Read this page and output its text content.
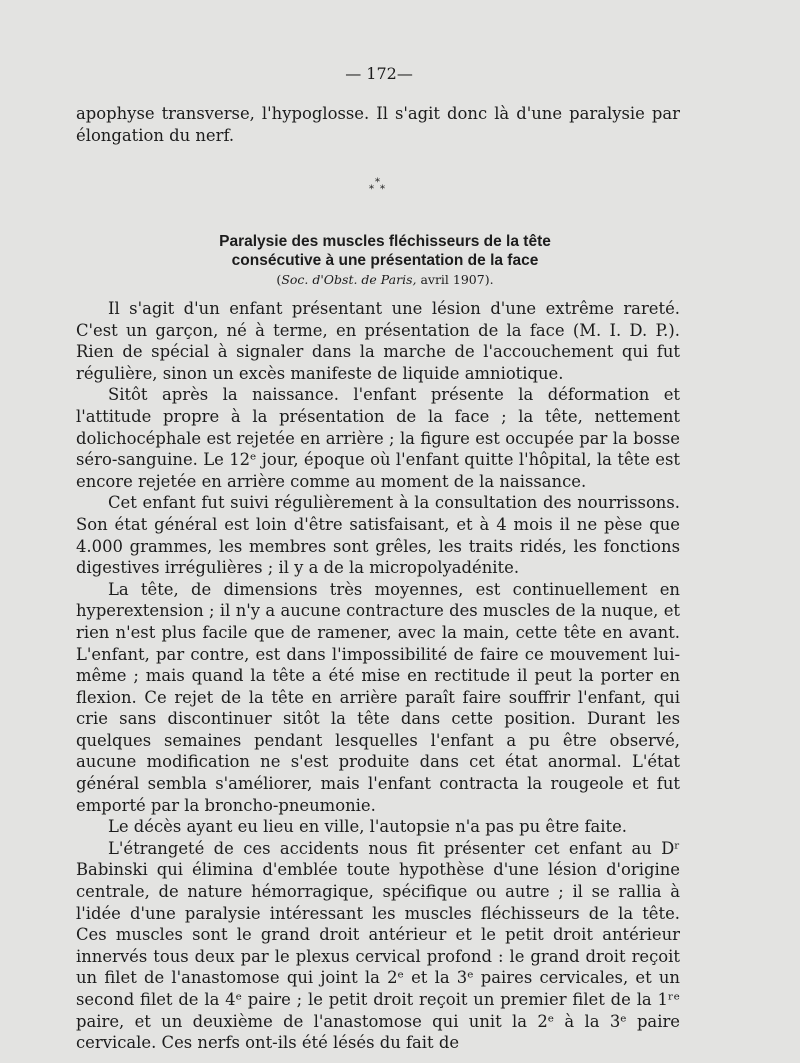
— 172—

apophyse transverse, l'hypoglosse. Il s'agit donc là d'une paralysie par élongation du nerf.

*
* *
Paralysie des muscles fléchisseurs de la tête
consécutive à une présentation de la face
(Soc. d'Obst. de Paris, avril 1907).

Il s'agit d'un enfant présentant une lésion d'une extrême rareté. C'est un garçon, né à terme, en présentation de la face (M. I. D. P.). Rien de spécial à signaler dans la marche de l'accouchement qui fut régulière, sinon un excès manifeste de liquide amniotique.

Sitôt après la naissance. l'enfant présente la déformation et l'attitude propre à la présentation de la face ; la tête, nettement dolichocéphale est rejetée en arrière ; la figure est occupée par la bosse séro-sanguine. Le 12ᵉ jour, époque où l'enfant quitte l'hôpital, la tête est encore rejetée en arrière comme au moment de la naissance.

Cet enfant fut suivi régulièrement à la consultation des nourrissons. Son état général est loin d'être satisfaisant, et à 4 mois il ne pèse que 4.000 grammes, les membres sont grêles, les traits ridés, les fonctions digestives irrégulières ; il y a de la micropolyadénite.

La tête, de dimensions très moyennes, est continuellement en hyperextension ; il n'y a aucune contracture des muscles de la nuque, et rien n'est plus facile que de ramener, avec la main, cette tête en avant. L'enfant, par contre, est dans l'impossibilité de faire ce mouvement lui-même ; mais quand la tête a été mise en rectitude il peut la porter en flexion. Ce rejet de la tête en arrière paraît faire souffrir l'enfant, qui crie sans discontinuer sitôt la tête dans cette position. Durant les quelques semaines pendant lesquelles l'enfant a pu être observé, aucune modification ne s'est produite dans cet état anormal. L'état général sembla s'améliorer, mais l'enfant contracta la rougeole et fut emporté par la broncho-pneumonie.

Le décès ayant eu lieu en ville, l'autopsie n'a pas pu être faite.

L'étrangeté de ces accidents nous fit présenter cet enfant au Dʳ Babinski qui élimina d'emblée toute hypothèse d'une lésion d'origine centrale, de nature hémorragique, spécifique ou autre ; il se rallia à l'idée d'une paralysie intéressant les muscles fléchisseurs de la tête. Ces muscles sont le grand droit antérieur et le petit droit antérieur innervés tous deux par le plexus cervical profond : le grand droit reçoit un filet de l'anastomose qui joint la 2ᵉ et la 3ᵉ paires cervicales, et un second filet de la 4ᵉ paire ; le petit droit reçoit un premier filet de la 1ʳᵉ paire, et un deuxième de l'anastomose qui unit la 2ᵉ à la 3ᵉ paire cervicale. Ces nerfs ont-ils été lésés du fait de
